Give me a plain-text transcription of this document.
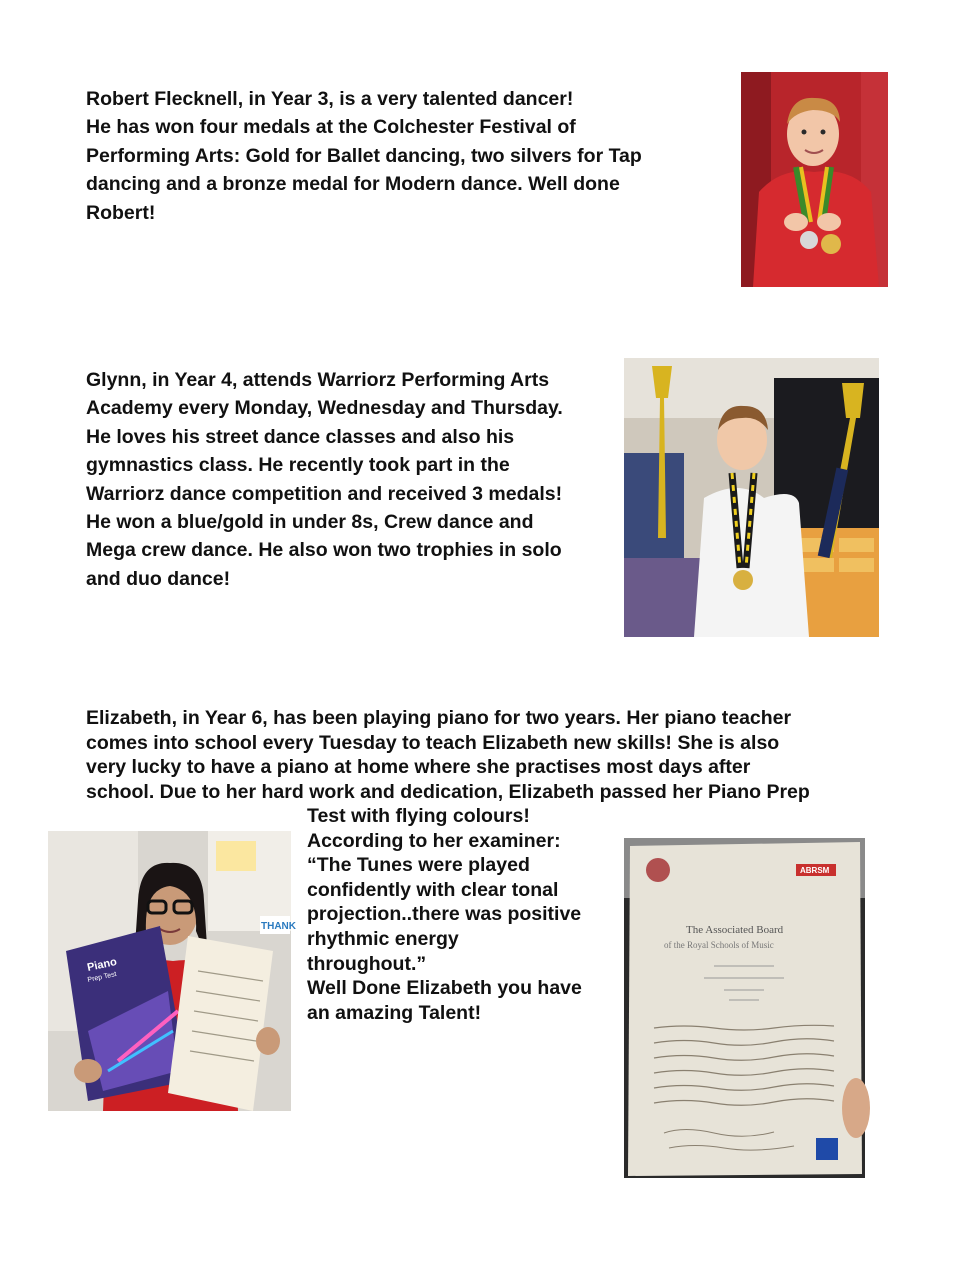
Robert Flecknell, in Year 3, is a very talented dancer!
He has won four medals at the Colchester Festival of
Performing Arts: Gold for Ballet dancing, two silvers for Tap
dancing and a bronze medal for Modern dance. Well done
Robert!

Glynn, in Year 4, attends Warriorz Performing Arts
Academy every Monday, Wednesday and Thursday.
He loves his street dance classes and also his
gymnastics class. He recently took part in the
Warriorz dance competition and received 3 medals!
He won a blue/gold in under 8s, Crew dance and
Mega crew dance. He also won two trophies in solo
and duo dance!

Elizabeth, in Year 6, has been playing piano for two years. Her piano teacher
comes into school every Tuesday to teach Elizabeth new skills! She is also
very lucky to have a piano at home where she practises most days after
school. Due to her hard work and dedication, Elizabeth passed her Piano Prep

Test with flying colours!
According to her examiner:
“The Tunes were played
confidently with clear tonal
projection..there was positive
rhythmic energy
throughout.”
Well Done Elizabeth you have
an amazing Talent!

THANK
Piano
Prep Test
ABRSM
The Associated Board
of the Royal Schools of Music
